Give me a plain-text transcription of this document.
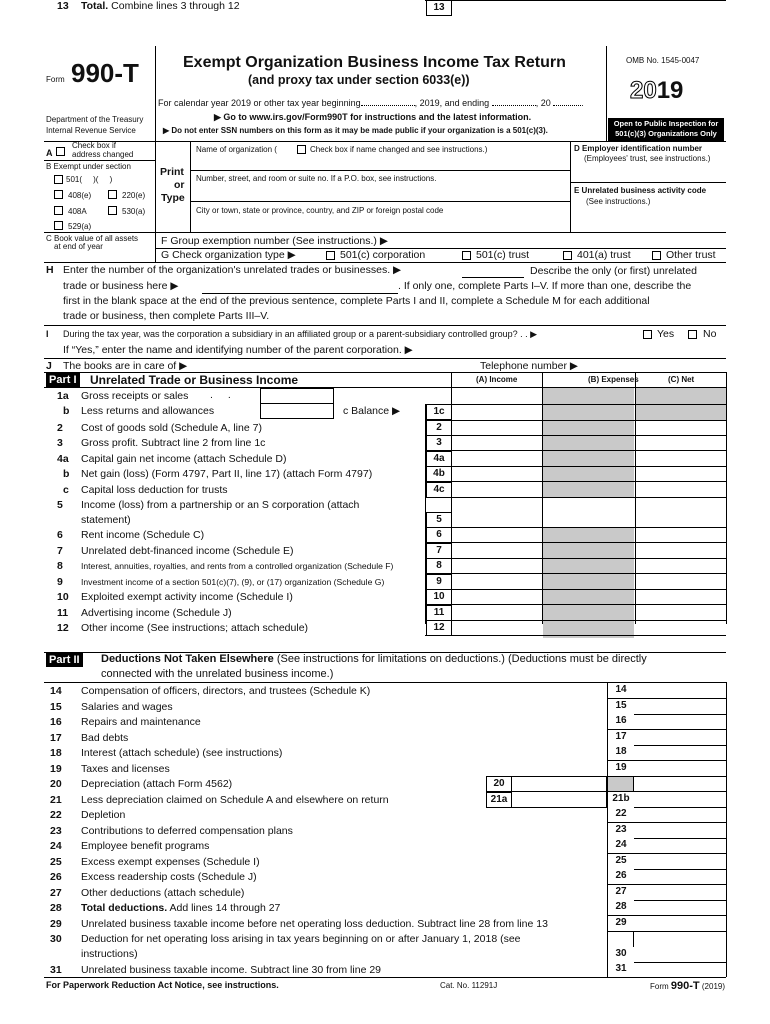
Form 990-T
Department of the Treasury
Internal Revenue Service
Exempt Organization Business Income Tax Return
(and proxy tax under section 6033(e))
For calendar year 2019 or other tax year beginning	, 2019, and ending	, 20	.
▶ Go to www.irs.gov/Form990T for instructions and the latest information.
▶ Do not enter SSN numbers on this form as it may be made public if your organization is a 501(c)(3).
OMB No. 1545-0047
2019
Open to Public Inspection for
501(c)(3) Organizations Only
A
Check box if
address changed
B Exempt under section
501( )( )
408(e)	220(e)
408A	530(a)
529(a)
C Book value of all assets
at end of year
Print
or
Type
Name of organization (	Check box if name changed and see instructions.)
Number, street, and room or suite no. If a P.O. box, see instructions.
City or town, state or province, country, and ZIP or foreign postal code
D Employer identification number
(Employees' trust, see instructions.)
E Unrelated business activity code
(See instructions.)
F Group exemption number (See instructions.) ▶
G Check organization type ▶	501(c) corporation	501(c) trust	401(a) trust	Other trust
H Enter the number of the organization's unrelated trades or businesses. ▶	Describe the only (or first) unrelated
trade or business here ▶	. If only one, complete Parts I–V. If more than one, describe the
first in the blank space at the end of the previous sentence, complete Parts I and II, complete a Schedule M for each additional
trade or business, then complete Parts III–V.
I During the tax year, was the corporation a subsidiary in an affiliated group or a parent-subsidiary controlled group? . . ▶	Yes	No
If “Yes,” enter the name and identifying number of the parent corporation. ▶
J The books are in care of ▶	Telephone number ▶
Part I Unrelated Trade or Business Income	(A) Income	(B) Expenses	(C) Net
1a Gross receipts or sales . .
b Less returns and allowances	c Balance ▶	1c
2 Cost of goods sold (Schedule A, line 7)	2
3 Gross profit. Subtract line 2 from line 1c	3
4a Capital gain net income (attach Schedule D)	4a
b Net gain (loss) (Form 4797, Part II, line 17) (attach Form 4797)	4b
c Capital loss deduction for trusts	4c
5 Income (loss) from a partnership or an S corporation (attach
statement)	5
6 Rent income (Schedule C)	6
7 Unrelated debt-financed income (Schedule E)	7
8 Interest, annuities, royalties, and rents from a controlled organization (Schedule F)	8
9 Investment income of a section 501(c)(7), (9), or (17) organization (Schedule G)	9
10 Exploited exempt activity income (Schedule I)	10
11 Advertising income (Schedule J)	11
12 Other income (See instructions; attach schedule)	12
13 Total. Combine lines 3 through 12	13
Part II Deductions Not Taken Elsewhere (See instructions for limitations on deductions.) (Deductions must be directly
connected with the unrelated business income.)
14 Compensation of officers, directors, and trustees (Schedule K)	14
15 Salaries and wages	15
16 Repairs and maintenance	16
17 Bad debts	17
18 Interest (attach schedule) (see instructions)	18
19 Taxes and licenses	19
20 Depreciation (attach Form 4562)	20
21 Less depreciation claimed on Schedule A and elsewhere on return	21a	21b
22 Depletion	22
23 Contributions to deferred compensation plans	23
24 Employee benefit programs	24
25 Excess exempt expenses (Schedule I)	25
26 Excess readership costs (Schedule J)	26
27 Other deductions (attach schedule)	27
28 Total deductions. Add lines 14 through 27	28
29 Unrelated business taxable income before net operating loss deduction. Subtract line 28 from line 13	29
30 Deduction for net operating loss arising in tax years beginning on or after January 1, 2018 (see
instructions)	30
31 Unrelated business taxable income. Subtract line 30 from line 29	31
For Paperwork Reduction Act Notice, see instructions.	Cat. No. 11291J	Form 990-T (2019)
